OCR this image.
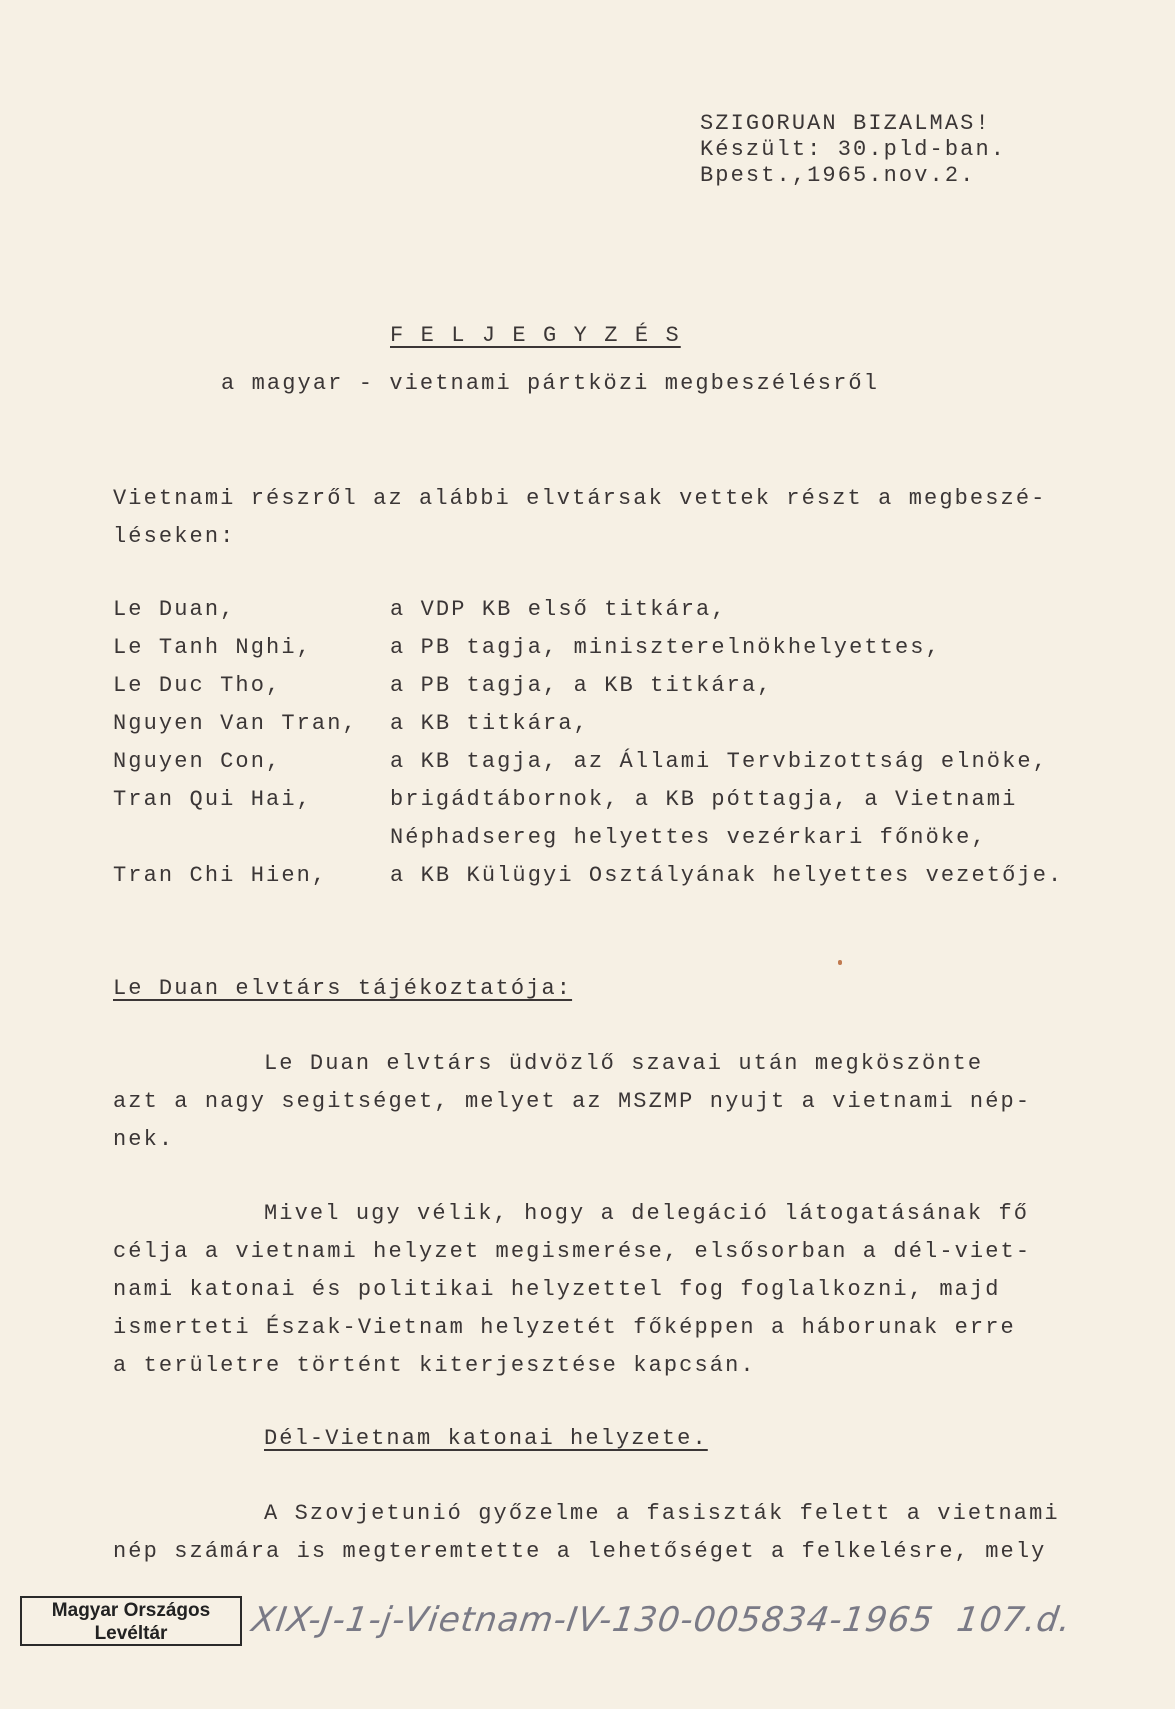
SZIGORUAN BIZALMAS!
Készült: 30.pld-ban.
Bpest.,1965.nov.2.
F E L J E G Y Z É S
a magyar - vietnami pártközi megbeszélésről
Vietnami részről az alábbi elvtársak vettek részt a megbeszé-
léseken:
Le Duan,	a VDP KB első titkára,
Le Tanh Nghi,	a PB tagja, miniszterelnökhelyettes,
Le Duc Tho,	a PB tagja, a KB titkára,
Nguyen Van Tran, a KB titkára,
Nguyen Con,	a KB tagja, az Állami Tervbizottság elnöke,
Tran Qui Hai,	brigádtábornok, a KB póttagja, a Vietnami
Néphadsereg helyettes vezérkari főnöke,
Tran Chi Hien,	a KB Külügyi Osztályának helyettes vezetője.
Le Duan elvtárs tájékoztatója:
Le Duan elvtárs üdvözlő szavai után megköszönte
azt a nagy segitséget, melyet az MSZMP nyujt a vietnami nép-
nek.
Mivel ugy vélik, hogy a delegáció látogatásának fő
célja a vietnami helyzet megismerése, elsősorban a dél-viet-
nami katonai és politikai helyzettel fog foglalkozni, majd
ismerteti Észak-Vietnam helyzetét főképpen a háborunak erre
a területre történt kiterjesztése kapcsán.
Dél-Vietnam katonai helyzete.
A Szovjetunió győzelme a fasiszták felett a vietnami
nép számára is megteremtette a lehetőséget a felkelésre, mely
Magyar Országos
Levéltár	XIX-J-1-j-Vietnam-IV-130-005834-1965  107.d.
